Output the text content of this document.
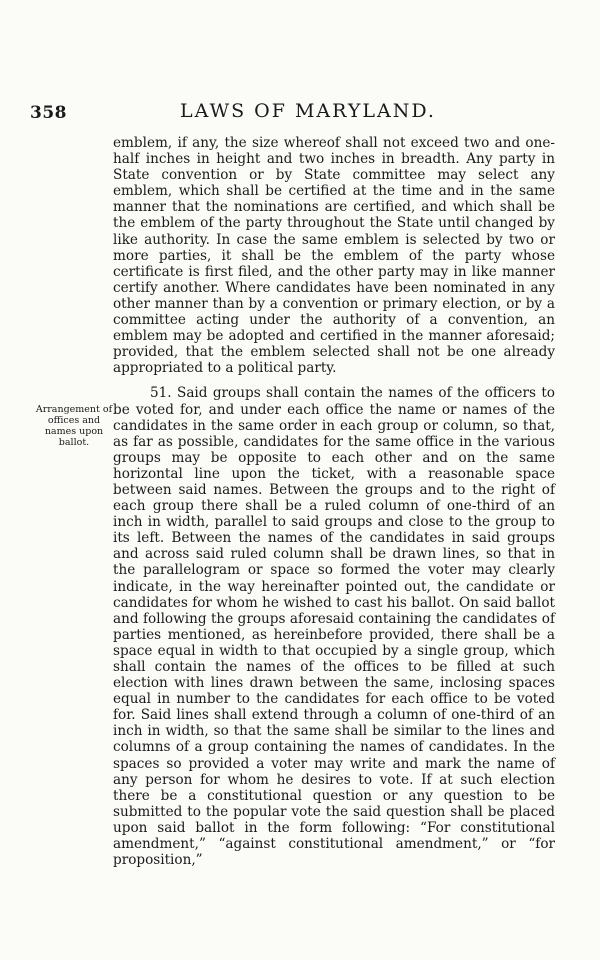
358	LAWS OF MARYLAND.
Arrangement of offices and names upon ballot.

emblem, if any, the size whereof shall not exceed two and one-half inches in height and two inches in breadth. Any party in State convention or by State committee may select any emblem, which shall be certified at the time and in the same manner that the nominations are certified, and which shall be the emblem of the party throughout the State until changed by like authority. In case the same emblem is selected by two or more parties, it shall be the emblem of the party whose certificate is first filed, and the other party may in like manner certify another. Where candidates have been nominated in any other manner than by a convention or primary election, or by a committee acting under the authority of a convention, an emblem may be adopted and certified in the manner aforesaid; provided, that the emblem selected shall not be one already appropriated to a political party.

51. Said groups shall contain the names of the officers to be voted for, and under each office the name or names of the candidates in the same order in each group or column, so that, as far as possible, candidates for the same office in the various groups may be opposite to each other and on the same horizontal line upon the ticket, with a reasonable space between said names. Between the groups and to the right of each group there shall be a ruled column of one-third of an inch in width, parallel to said groups and close to the group to its left. Between the names of the candidates in said groups and across said ruled column shall be drawn lines, so that in the parallelogram or space so formed the voter may clearly indicate, in the way hereinafter pointed out, the candidate or candidates for whom he wished to cast his ballot. On said ballot and following the groups aforesaid containing the candidates of parties mentioned, as hereinbefore provided, there shall be a space equal in width to that occupied by a single group, which shall contain the names of the offices to be filled at such election with lines drawn between the same, inclosing spaces equal in number to the candidates for each office to be voted for. Said lines shall extend through a column of one-third of an inch in width, so that the same shall be similar to the lines and columns of a group containing the names of candidates. In the spaces so provided a voter may write and mark the name of any person for whom he desires to vote. If at such election there be a constitutional question or any question to be submitted to the popular vote the said question shall be placed upon said ballot in the form following: “For constitutional amendment,” “against constitutional amendment,” or “for proposition,”
